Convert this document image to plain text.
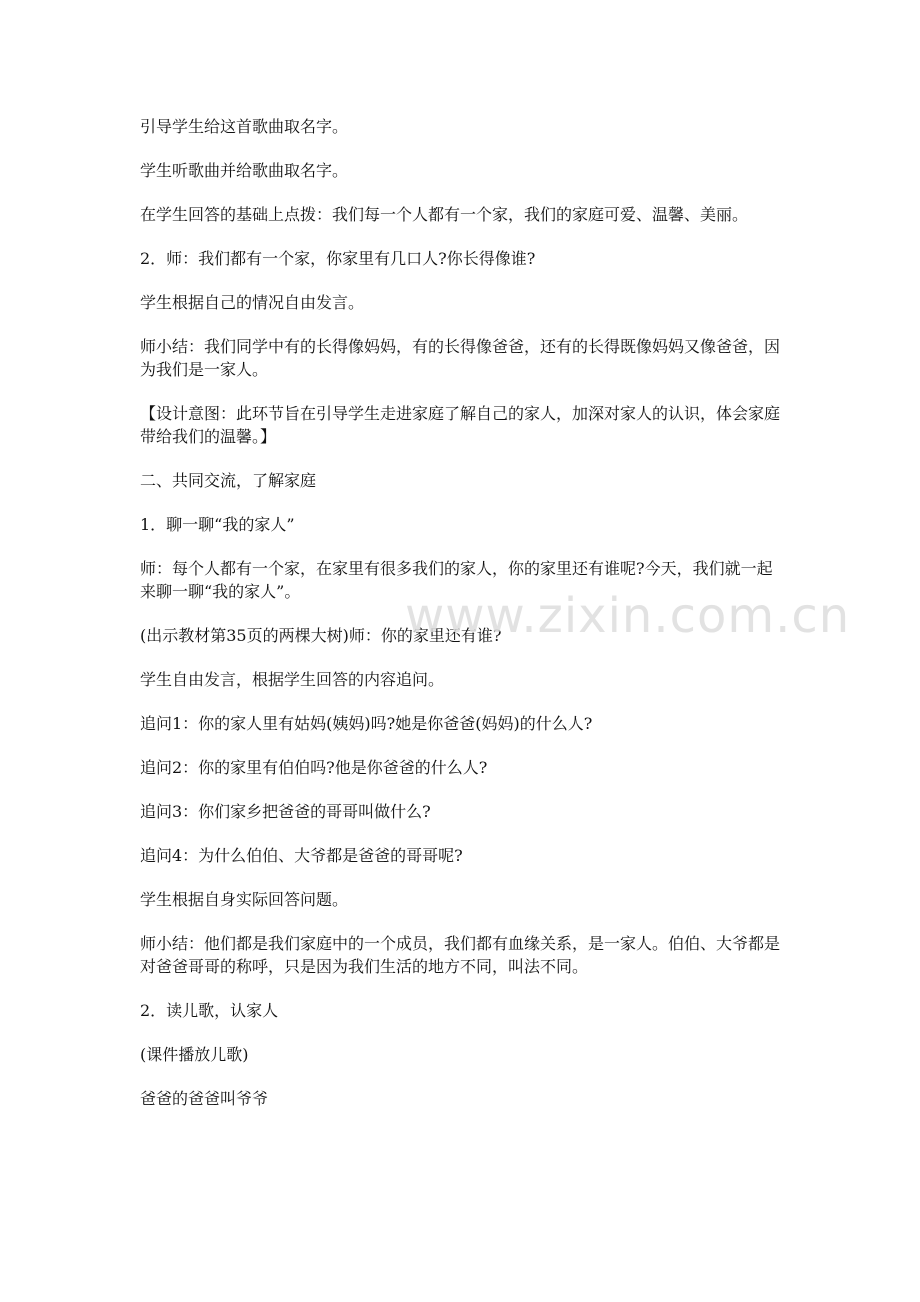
引导学生给这首歌曲取名字。

学生听歌曲并给歌曲取名字。

在学生回答的基础上点拨：我们每一个人都有一个家，我们的家庭可爱、温馨、美丽。

2．师：我们都有一个家，你家里有几口人?你长得像谁?

学生根据自己的情况自由发言。

师小结：我们同学中有的长得像妈妈，有的长得像爸爸，还有的长得既像妈妈又像爸爸，因为我们是一家人。

【设计意图：此环节旨在引导学生走进家庭了解自己的家人，加深对家人的认识，体会家庭带给我们的温馨。】

二、共同交流，了解家庭

1．聊一聊“我的家人”

师：每个人都有一个家，在家里有很多我们的家人，你的家里还有谁呢?今天，我们就一起来聊一聊“我的家人”。

(出示教材第35页的两棵大树)师：你的家里还有谁?

学生自由发言，根据学生回答的内容追问。

追问1：你的家人里有姑妈(姨妈)吗?她是你爸爸(妈妈)的什么人?

追问2：你的家里有伯伯吗?他是你爸爸的什么人?

追问3：你们家乡把爸爸的哥哥叫做什么?

追问4：为什么伯伯、大爷都是爸爸的哥哥呢?

学生根据自身实际回答问题。

师小结：他们都是我们家庭中的一个成员，我们都有血缘关系，是一家人。伯伯、大爷都是对爸爸哥哥的称呼，只是因为我们生活的地方不同，叫法不同。

2．读儿歌，认家人

(课件播放儿歌)

爸爸的爸爸叫爷爷

www.zixin.com.cn
